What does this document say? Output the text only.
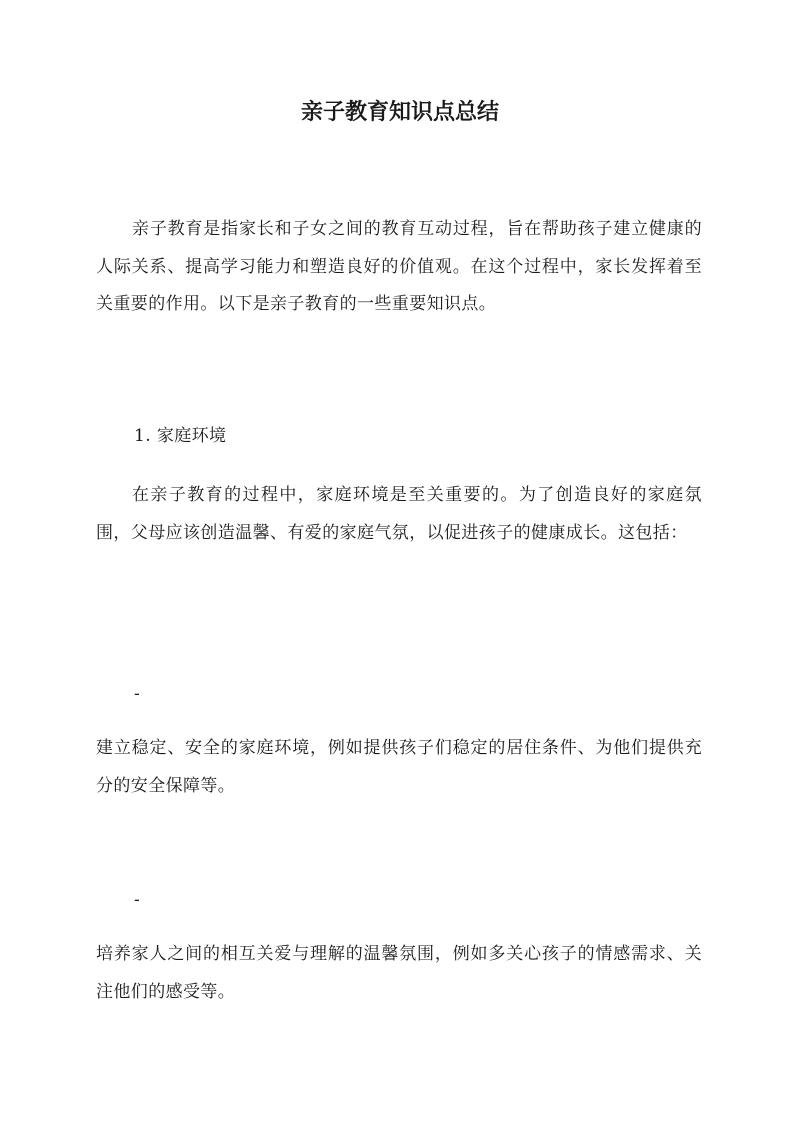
亲子教育知识点总结

亲子教育是指家长和子女之间的教育互动过程，旨在帮助孩子建立健康的人际关系、提高学习能力和塑造良好的价值观。在这个过程中，家长发挥着至关重要的作用。以下是亲子教育的一些重要知识点。

1. 家庭环境

在亲子教育的过程中，家庭环境是至关重要的。为了创造良好的家庭氛围，父母应该创造温馨、有爱的家庭气氛，以促进孩子的健康成长。这包括：

-

建立稳定、安全的家庭环境，例如提供孩子们稳定的居住条件、为他们提供充分的安全保障等。

-

培养家人之间的相互关爱与理解的温馨氛围，例如多关心孩子的情感需求、关注他们的感受等。
